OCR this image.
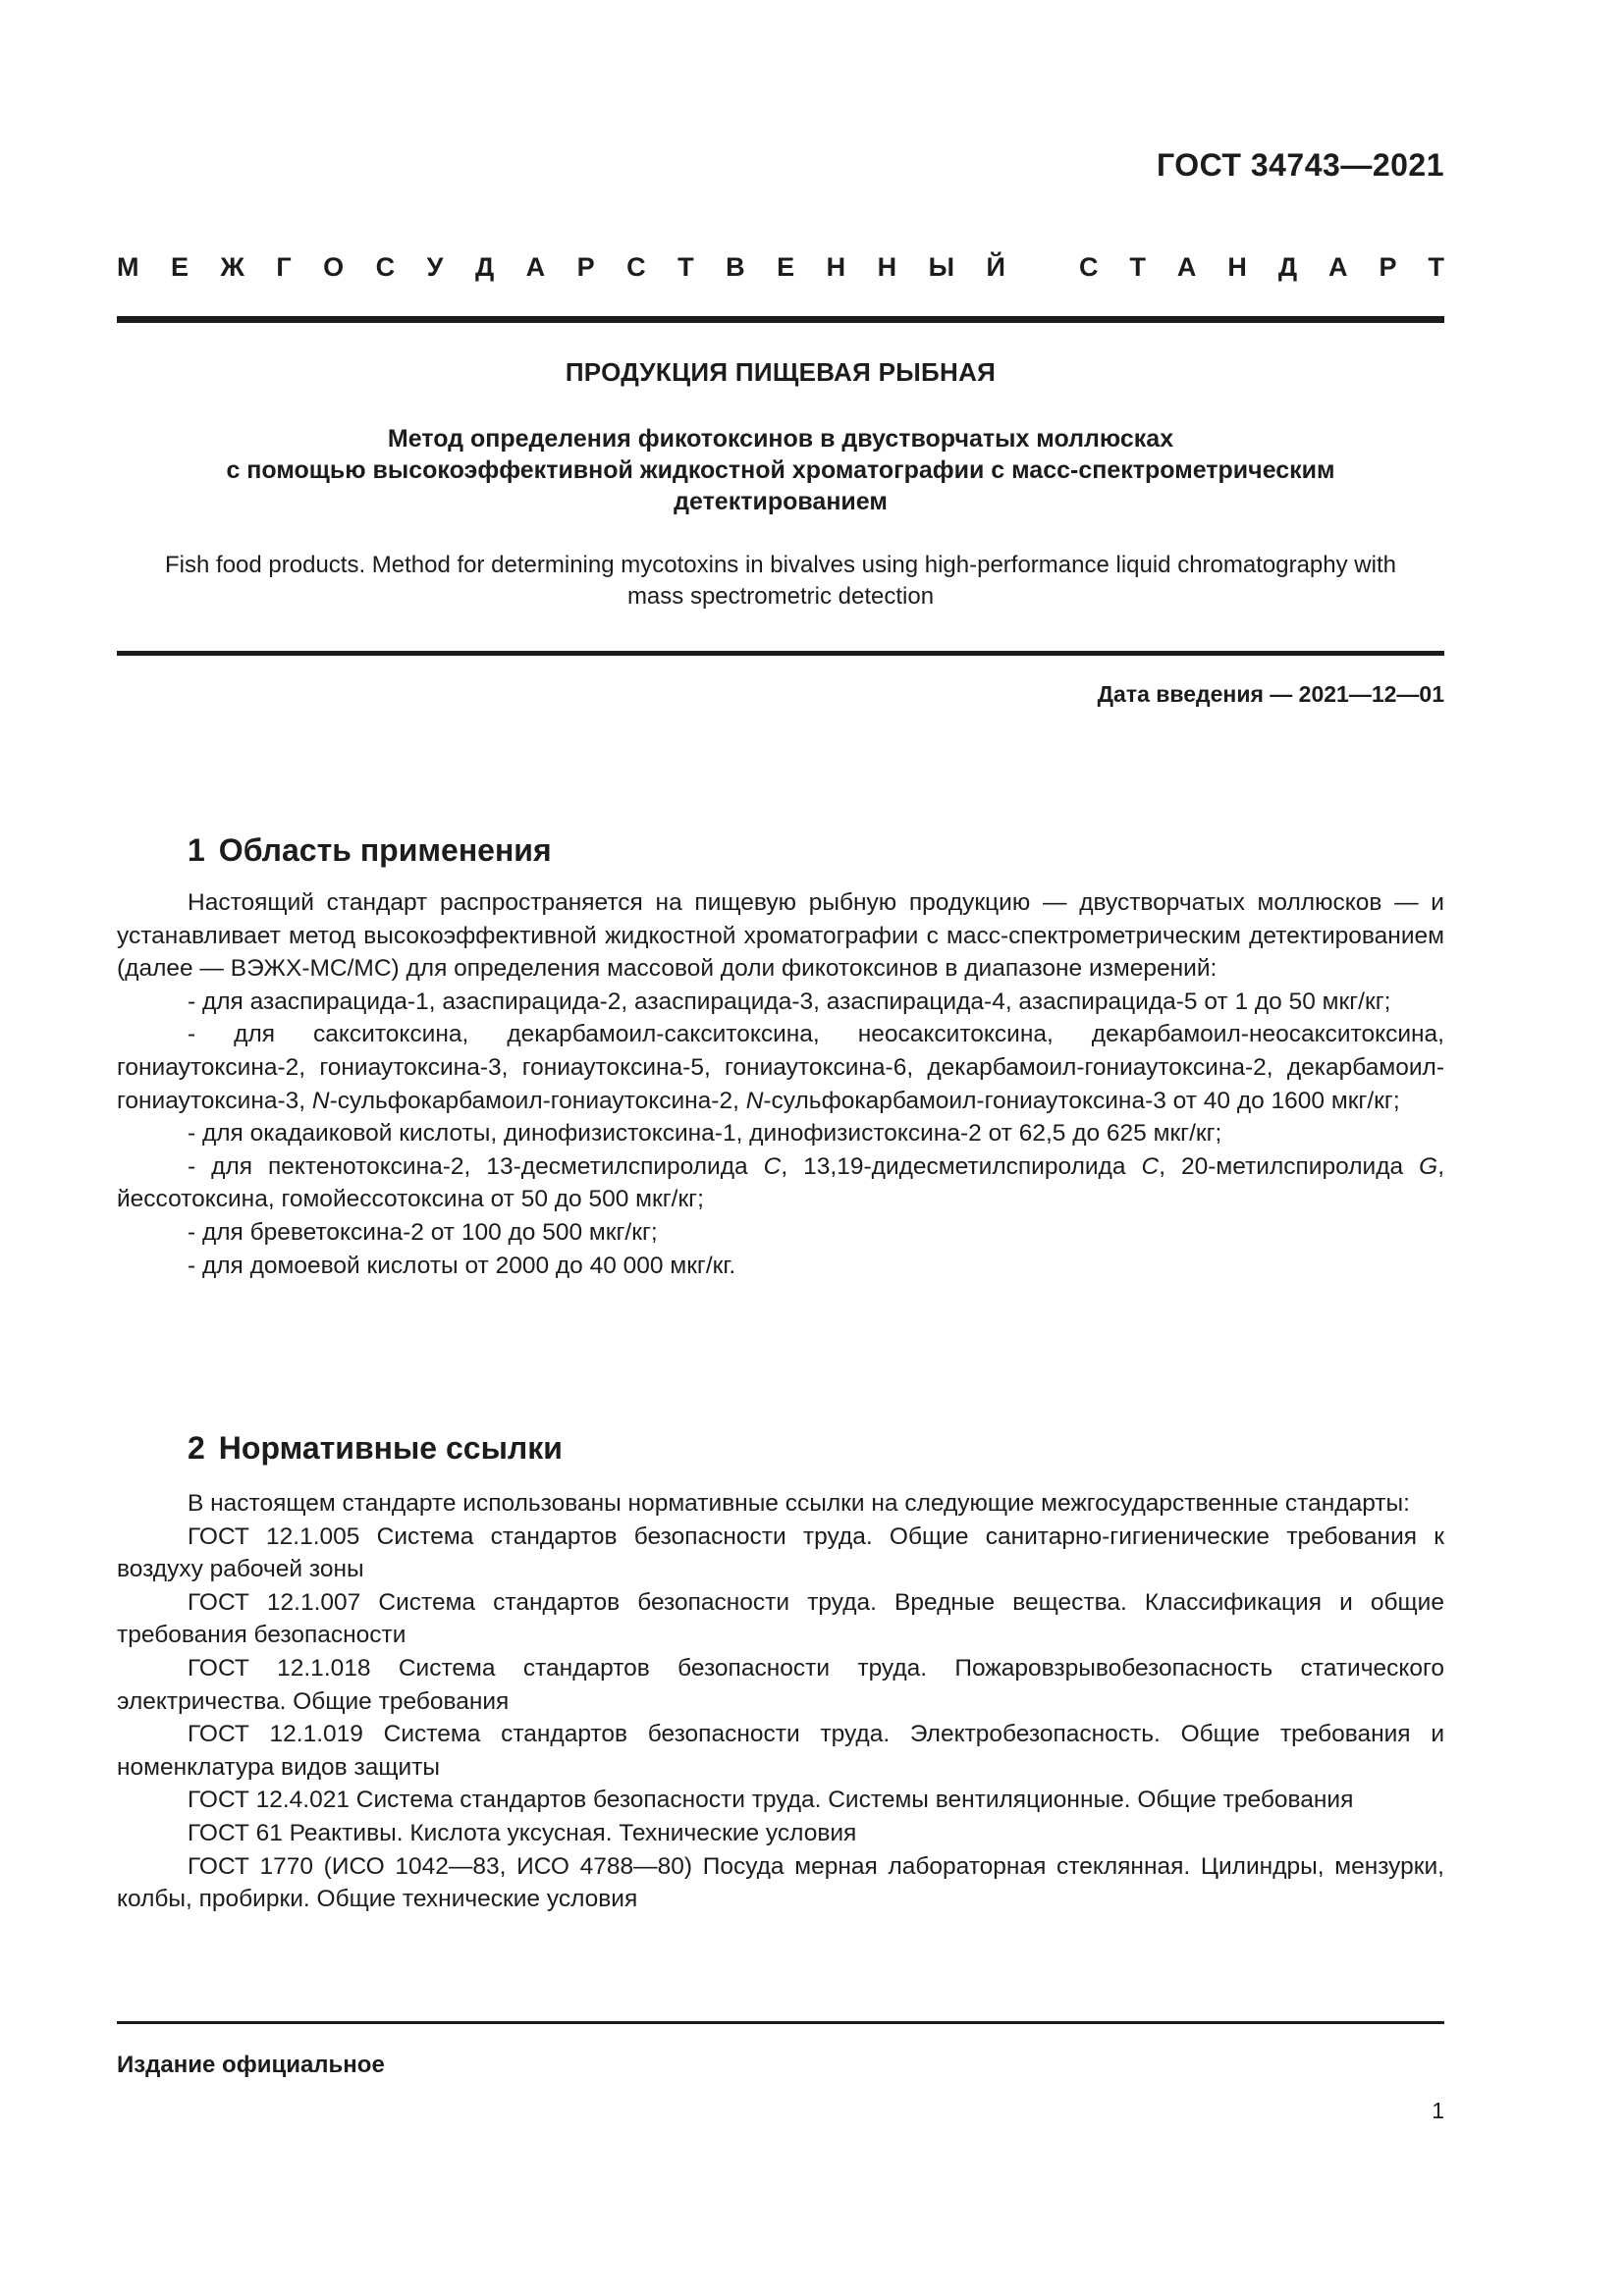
ГОСТ 34743—2021
М Е Ж Г О С У Д А Р С Т В Е Н Н Ы Й	С Т А Н Д А Р Т
ПРОДУКЦИЯ ПИЩЕВАЯ РЫБНАЯ
Метод определения фикотоксинов в двустворчатых моллюсках
с помощью высокоэффективной жидкостной хроматографии с масс-спектрометрическим
детектированием
Fish food products. Method for determining mycotoxins in bivalves using high-performance liquid chromatography with
mass spectrometric detection
Дата введения — 2021—12—01
1 Область применения

Настоящий стандарт распространяется на пищевую рыбную продукцию — двустворчатых моллюсков — и устанавливает метод высокоэффективной жидкостной хроматографии с масс-спектрометрическим детектированием (далее — ВЭЖХ-МС/МС) для определения массовой доли фикотоксинов в диапазоне измерений:

- для азаспирацида-1, азаспирацида-2, азаспирацида-3, азаспирацида-4, азаспирацида-5 от 1 до 50 мкг/кг;

- для сакситоксина, декарбамоил-сакситоксина, неосакситоксина, декарбамоил-неосакситоксина, гониаутоксина-2, гониаутоксина-3, гониаутоксина-5, гониаутоксина-6, декарбамоил-гониаутоксина-2, декарбамоил-гониаутоксина-3, N-сульфокарбамоил-гониаутоксина-2, N-сульфокарбамоил-гониаутоксина-3 от 40 до 1600 мкг/кг;

- для окадаиковой кислоты, динофизистоксина-1, динофизистоксина-2 от 62,5 до 625 мкг/кг;

- для пектенотоксина-2, 13-десметилспиролида C, 13,19-дидесметилспиролида C, 20-метилспиролида G, йессотоксина, гомойессотоксина от 50 до 500 мкг/кг;

- для бреветоксина-2 от 100 до 500 мкг/кг;

- для домоевой кислоты от 2000 до 40 000 мкг/кг.

2 Нормативные ссылки

В настоящем стандарте использованы нормативные ссылки на следующие межгосударственные стандарты:

ГОСТ 12.1.005 Система стандартов безопасности труда. Общие санитарно-гигиенические требования к воздуху рабочей зоны

ГОСТ 12.1.007 Система стандартов безопасности труда. Вредные вещества. Классификация и общие требования безопасности

ГОСТ 12.1.018 Система стандартов безопасности труда. Пожаровзрывобезопасность статического электричества. Общие требования

ГОСТ 12.1.019 Система стандартов безопасности труда. Электробезопасность. Общие требования и номенклатура видов защиты

ГОСТ 12.4.021 Система стандартов безопасности труда. Системы вентиляционные. Общие требования

ГОСТ 61 Реактивы. Кислота уксусная. Технические условия

ГОСТ 1770 (ИСО 1042—83, ИСО 4788—80) Посуда мерная лабораторная стеклянная. Цилиндры, мензурки, колбы, пробирки. Общие технические условия

Издание официальное
1
